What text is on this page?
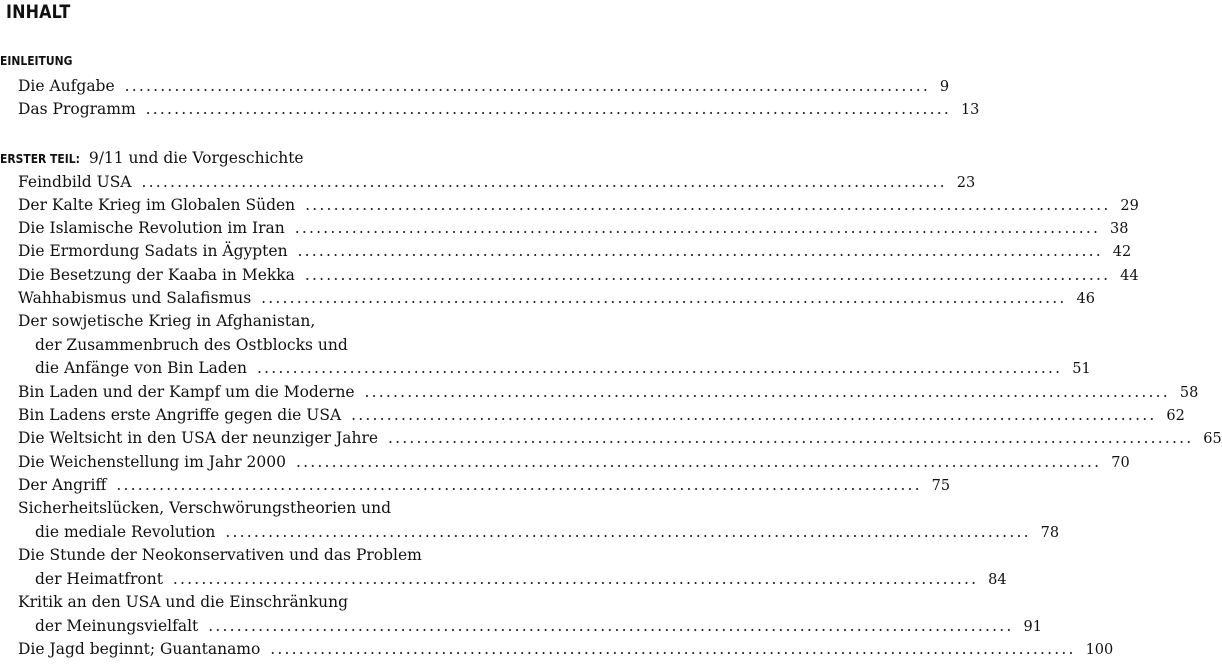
INHALT
EINLEITUNG
Die Aufgabe ................................................................................................................. 9
Das Programm ................................................................................................................. 13
ERSTER TEIL: 9/11 und die Vorgeschichte
Feindbild USA ................................................................................................................. 23
Der Kalte Krieg im Globalen Süden ................................................................................................................. 29
Die Islamische Revolution im Iran ................................................................................................................. 38
Die Ermordung Sadats in Ägypten ................................................................................................................. 42
Die Besetzung der Kaaba in Mekka ................................................................................................................. 44
Wahhabismus und Salafismus ................................................................................................................. 46
Der sowjetische Krieg in Afghanistan,
der Zusammenbruch des Ostblocks und
die Anfänge von Bin Laden ................................................................................................................. 51
Bin Laden und der Kampf um die Moderne ................................................................................................................. 58
Bin Ladens erste Angriffe gegen die USA ................................................................................................................. 62
Die Weltsicht in den USA der neunziger Jahre ................................................................................................................. 65
Die Weichenstellung im Jahr 2000 ................................................................................................................. 70
Der Angriff ................................................................................................................. 75
Sicherheitslücken, Verschwörungstheorien und
die mediale Revolution ................................................................................................................. 78
Die Stunde der Neokonservativen und das Problem
der Heimatfront ................................................................................................................. 84
Kritik an den USA und die Einschränkung
der Meinungsvielfalt ................................................................................................................. 91
Die Jagd beginnt; Guantanamo ................................................................................................................. 100
